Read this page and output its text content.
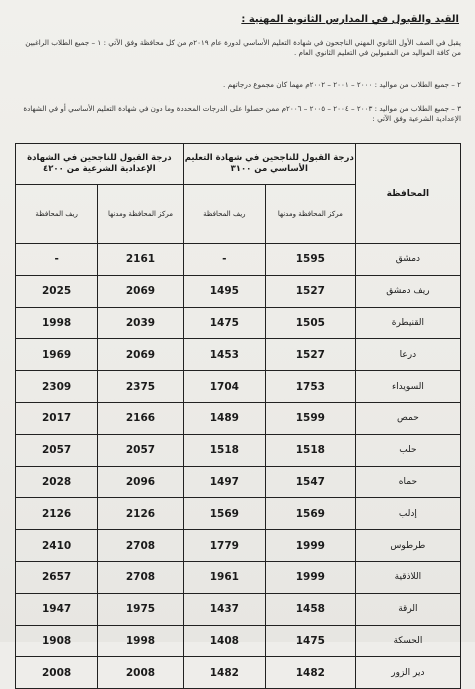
القيد والقبول في المدارس الثانوية المهنية :
يقبل في الصف الأول الثانوي المهني الناجحون في شهادة التعليم الأساسي لدورة عام ٢٠١٩م من كل محافظة وفق الآتي : ١ – جميع الطلاب الراغبين من كافة المواليد من المقبولين في التعليم الثانوي العام .
٢ – جميع الطلاب من مواليد : ٢٠٠٠ – ٢٠٠١ – ٢٠٠٢م مهما كان مجموع درجاتهم .
٣ – جميع الطلاب من مواليد : ٢٠٠٣ – ٢٠٠٤ – ٢٠٠٥ – ٢٠٠٦م ممن حصلوا على الدرجات المحددة وما دون في شهادة التعليم الأساسي أو في الشهادة الإعدادية الشرعية وفق الآتي :
المحافظة	درجة القبول للناجحين في شهادة التعليم الأساسي من ٣١٠٠		درجة القبول للناجحين في الشهادة الإعدادية الشرعية من ٤٢٠٠	
	مركز المحافظة ومدنها	ريف المحافظة	مركز المحافظة ومدنها	ريف المحافظة
دمشق	1595	-	2161	-
ريف دمشق	1527	1495	2069	2025
القنيطرة	1505	1475	2039	1998
درعا	1527	1453	2069	1969
السويداء	1753	1704	2375	2309
حمص	1599	1489	2166	2017
حلب	1518	1518	2057	2057
حماه	1547	1497	2096	2028
إدلب	1569	1569	2126	2126
طرطوس	1999	1779	2708	2410
اللاذقية	1999	1961	2708	2657
الرقة	1458	1437	1975	1947
الحسكة	1475	1408	1998	1908
دير الزور	1482	1482	2008	2008
